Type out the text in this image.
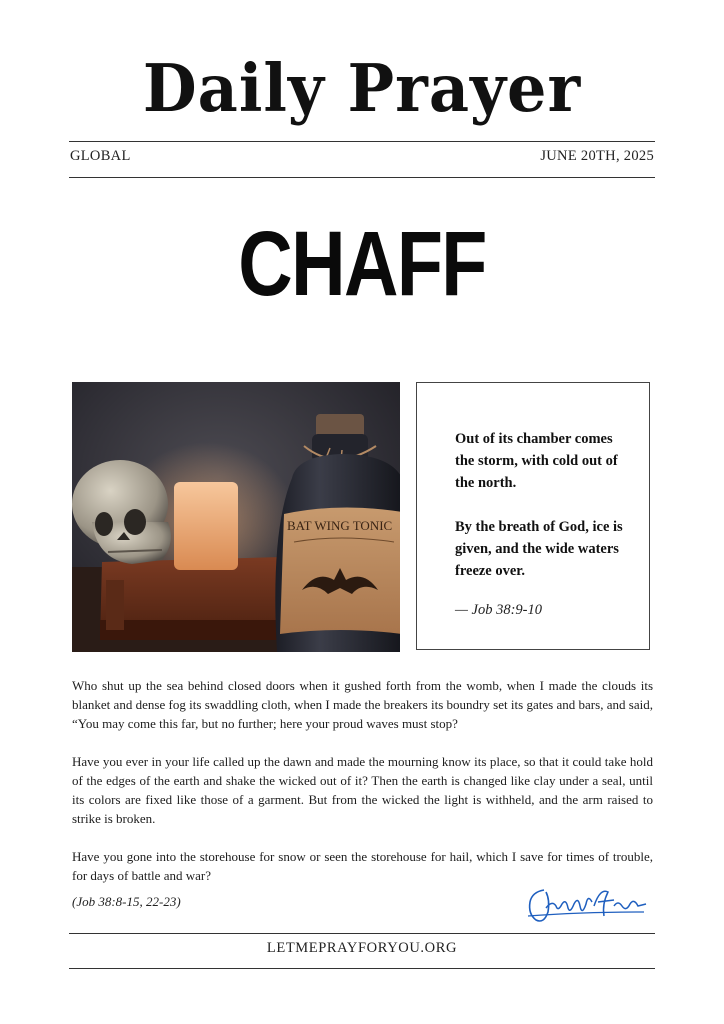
Daily Prayer
GLOBAL	JUNE 20TH, 2025
CHAFF
BAT WING TONIC

Out of its chamber comes the storm, with cold out of the north.

By the breath of God, ice is given, and the wide waters freeze over.

— Job 38:9-10

Who shut up the sea behind closed doors when it gushed forth from the womb, when I made the clouds its blanket and dense fog its swaddling cloth, when I made the breakers its boundry set its gates and bars, and said, “You may come this far, but no further; here your proud waves must stop?

Have you ever in your life called up the dawn and made the mourning know its place, so that it could take hold of the edges of the earth and shake the wicked out of it? Then the earth is changed like clay under a seal, until its colors are fixed like those of a garment. But from the wicked the light is withheld, and the arm raised to strike is broken.

Have you gone into the storehouse for snow or seen the storehouse for hail, which I save for times of trouble, for days of battle and war?

(Job 38:8-15, 22-23)
LETMEPRAYFORYOU.ORG
